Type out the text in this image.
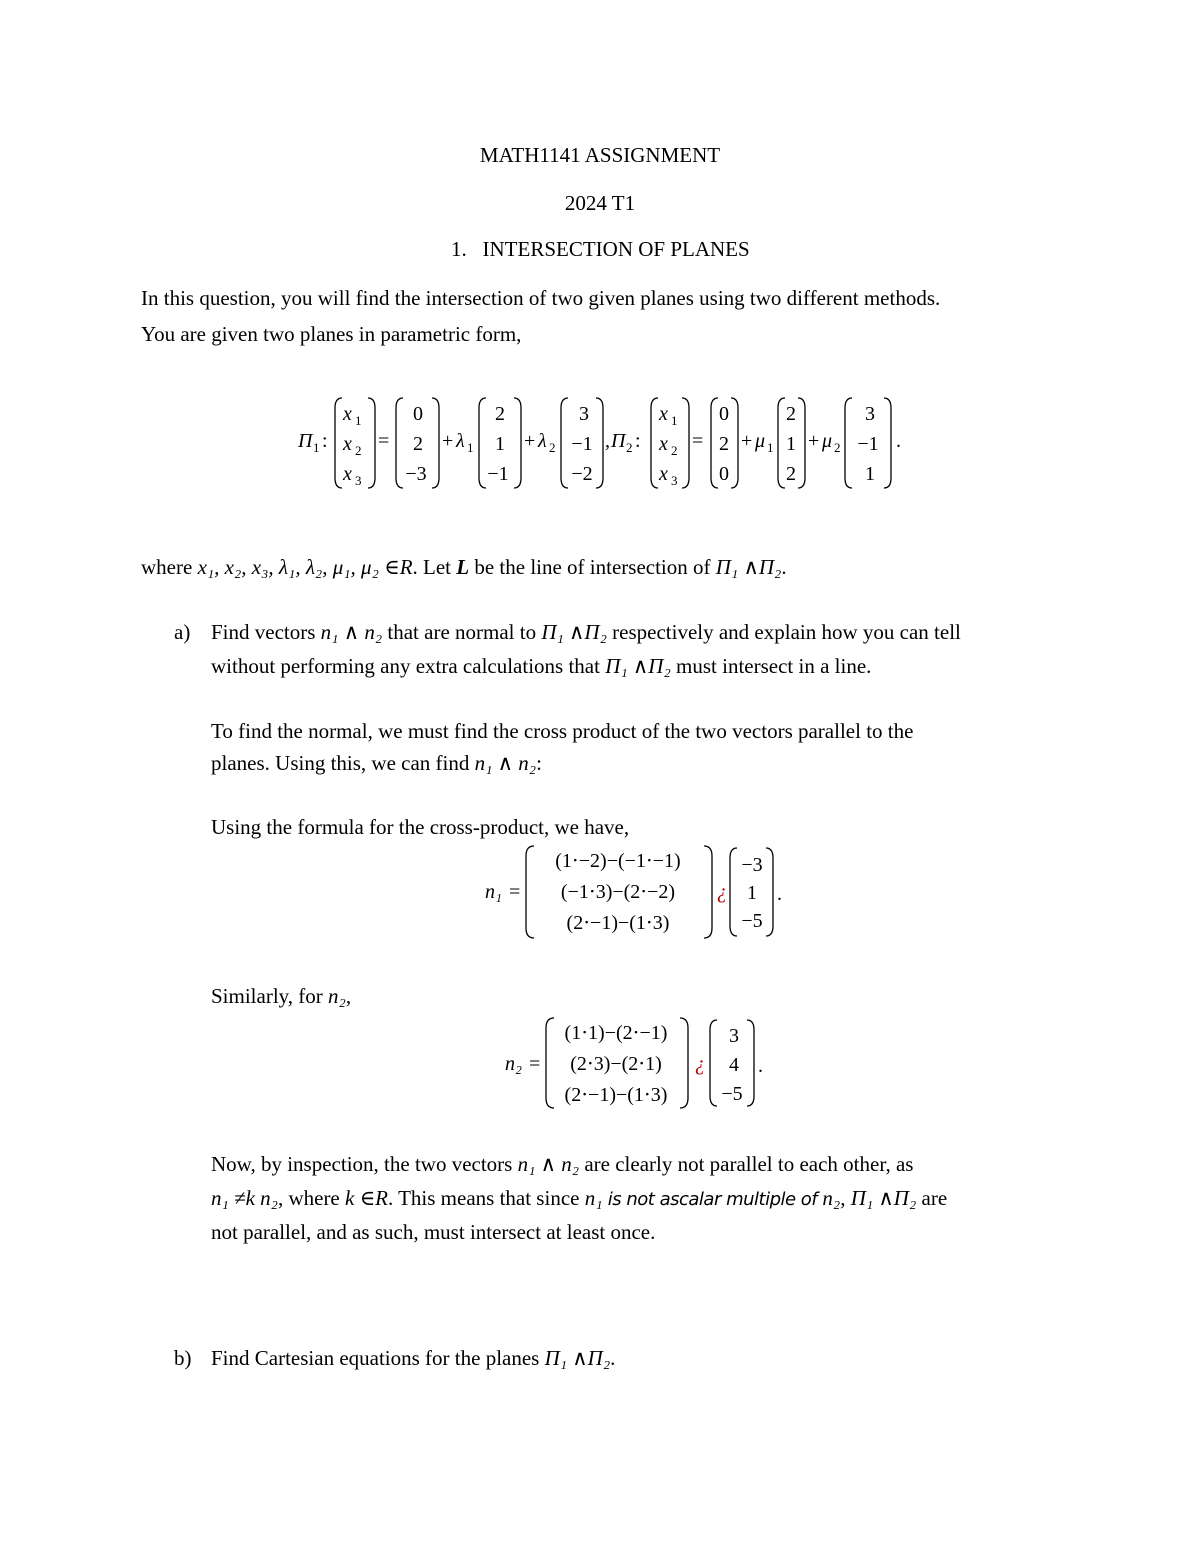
MATH1141 ASSIGNMENT
2024 T1
1. INTERSECTION OF PLANES
In this question, you will find the intersection of two given planes using two different methods.
You are given two planes in parametric form,
Π 1 :
x 1
x 2
x 3
=
0
2
−3
+ λ 1
2
1
−1
+ λ 2
3
−1
−2
, Π 2 :
x 1
x 2
x 3
=
0
2
0
+ μ 1
2
1
2
+ μ 2
3
−1
1
.
where x₁, x₂, x₃, λ₁, λ₂, μ₁, μ₂ ∈R. Let L be the line of intersection of Π₁ ∧Π₂.
a) Find vectors n₁ ∧ n₂ that are normal to Π₁ ∧Π₂ respectively and explain how you can tell
without performing any extra calculations that Π₁ ∧Π₂ must intersect in a line.
To find the normal, we must find the cross product of the two vectors parallel to the
planes. Using this, we can find n₁ ∧ n₂:
Using the formula for the cross-product, we have,
n₁ =
(1⋅−2)−(−1⋅−1)
(−1⋅3)−(2⋅−2)
(2⋅−1)−(1⋅3)
¿
−3
1
−5
.
Similarly, for n₂,
n₂ =
(1⋅1)−(2⋅−1)
(2⋅3)−(2⋅1)
(2⋅−1)−(1⋅3)
¿
3
4
−5
.
Now, by inspection, the two vectors n₁ ∧ n₂ are clearly not parallel to each other, as
n₁ ≠k n₂, where k ∈R. This means that since n₁ is not ascalar multiple of n₂, Π₁ ∧Π₂ are
not parallel, and as such, must intersect at least once.
b) Find Cartesian equations for the planes Π₁ ∧Π₂.
